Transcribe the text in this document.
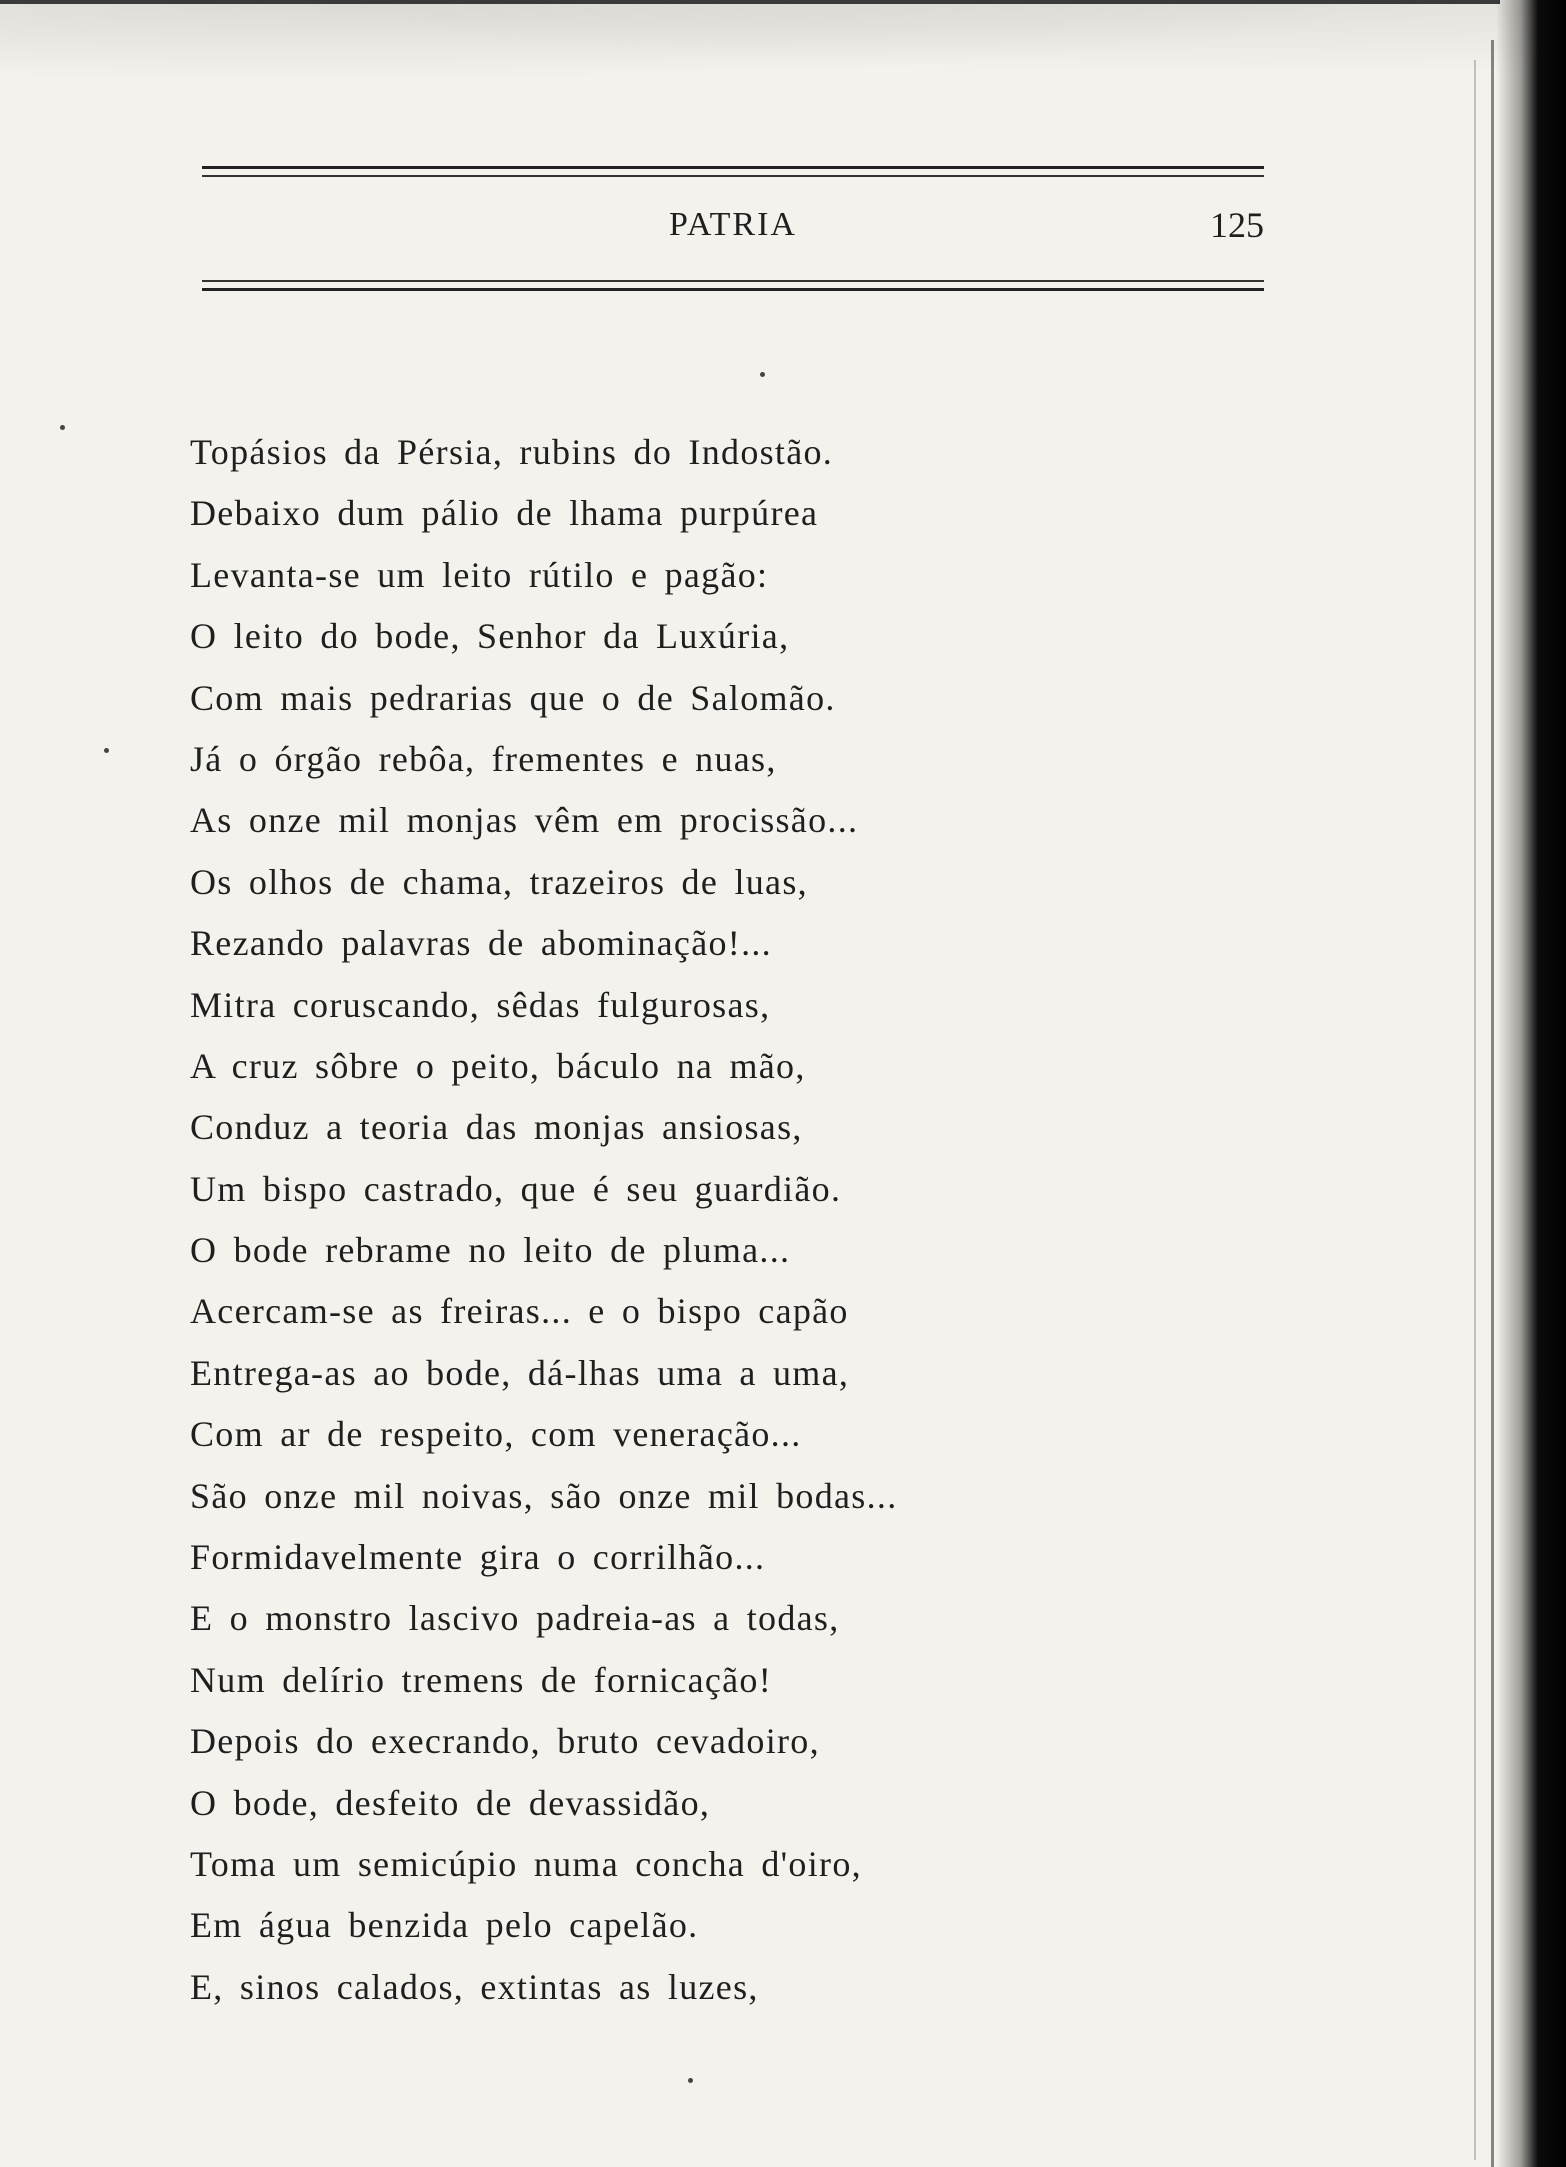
PATRIA	125
Topásios da Pérsia, rubins do Indostão.
Debaixo dum pálio de lhama purpúrea
Levanta-se um leito rútilo e pagão:
O leito do bode, Senhor da Luxúria,
Com mais pedrarias que o de Salomão.
Já o órgão rebôa, frementes e nuas,
As onze mil monjas vêm em procissão...
Os olhos de chama, trazeiros de luas,
Rezando palavras de abominação!...
Mitra coruscando, sêdas fulgurosas,
A cruz sôbre o peito, báculo na mão,
Conduz a teoria das monjas ansiosas,
Um bispo castrado, que é seu guardião.
O bode rebrame no leito de pluma...
Acercam-se as freiras... e o bispo capão
Entrega-as ao bode, dá-lhas uma a uma,
Com ar de respeito, com veneração...
São onze mil noivas, são onze mil bodas...
Formidavelmente gira o corrilhão...
E o monstro lascivo padreia-as a todas,
Num delírio tremens de fornicação!
Depois do execrando, bruto cevadoiro,
O bode, desfeito de devassidão,
Toma um semicúpio numa concha d'oiro,
Em água benzida pelo capelão.
E, sinos calados, extintas as luzes,
